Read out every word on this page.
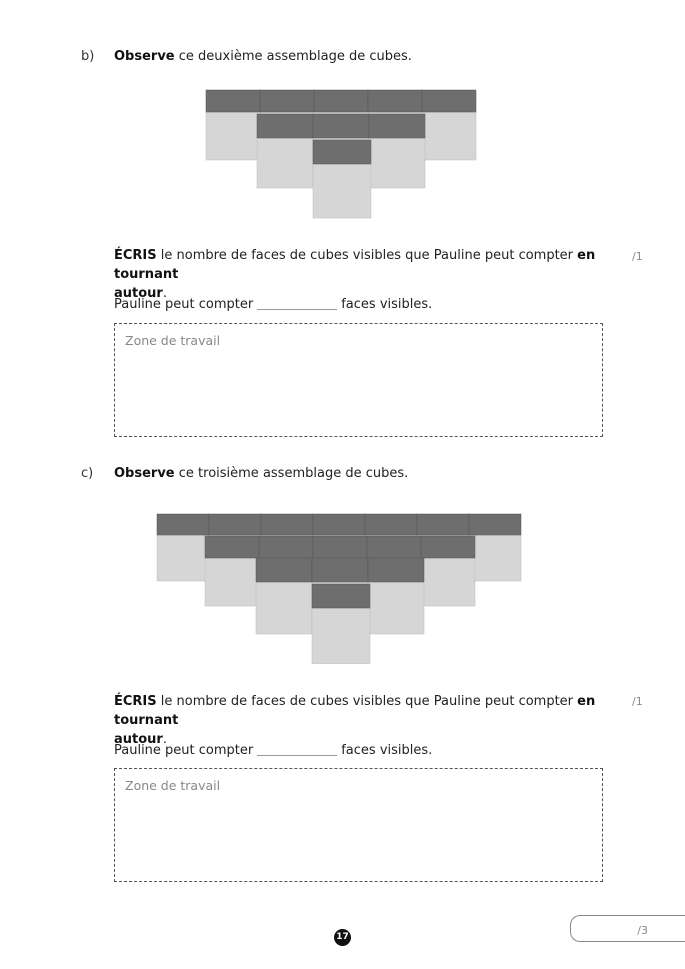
b) Observe ce deuxième assemblage de cubes.
ÉCRIS le nombre de faces de cubes visibles que Pauline peut compter en tournant
autour.
/1
Pauline peut compter	faces visibles.
Zone de travail
c) Observe ce troisième assemblage de cubes.
ÉCRIS le nombre de faces de cubes visibles que Pauline peut compter en tournant
autour.
/1
Pauline peut compter	faces visibles.
Zone de travail
17	/3
